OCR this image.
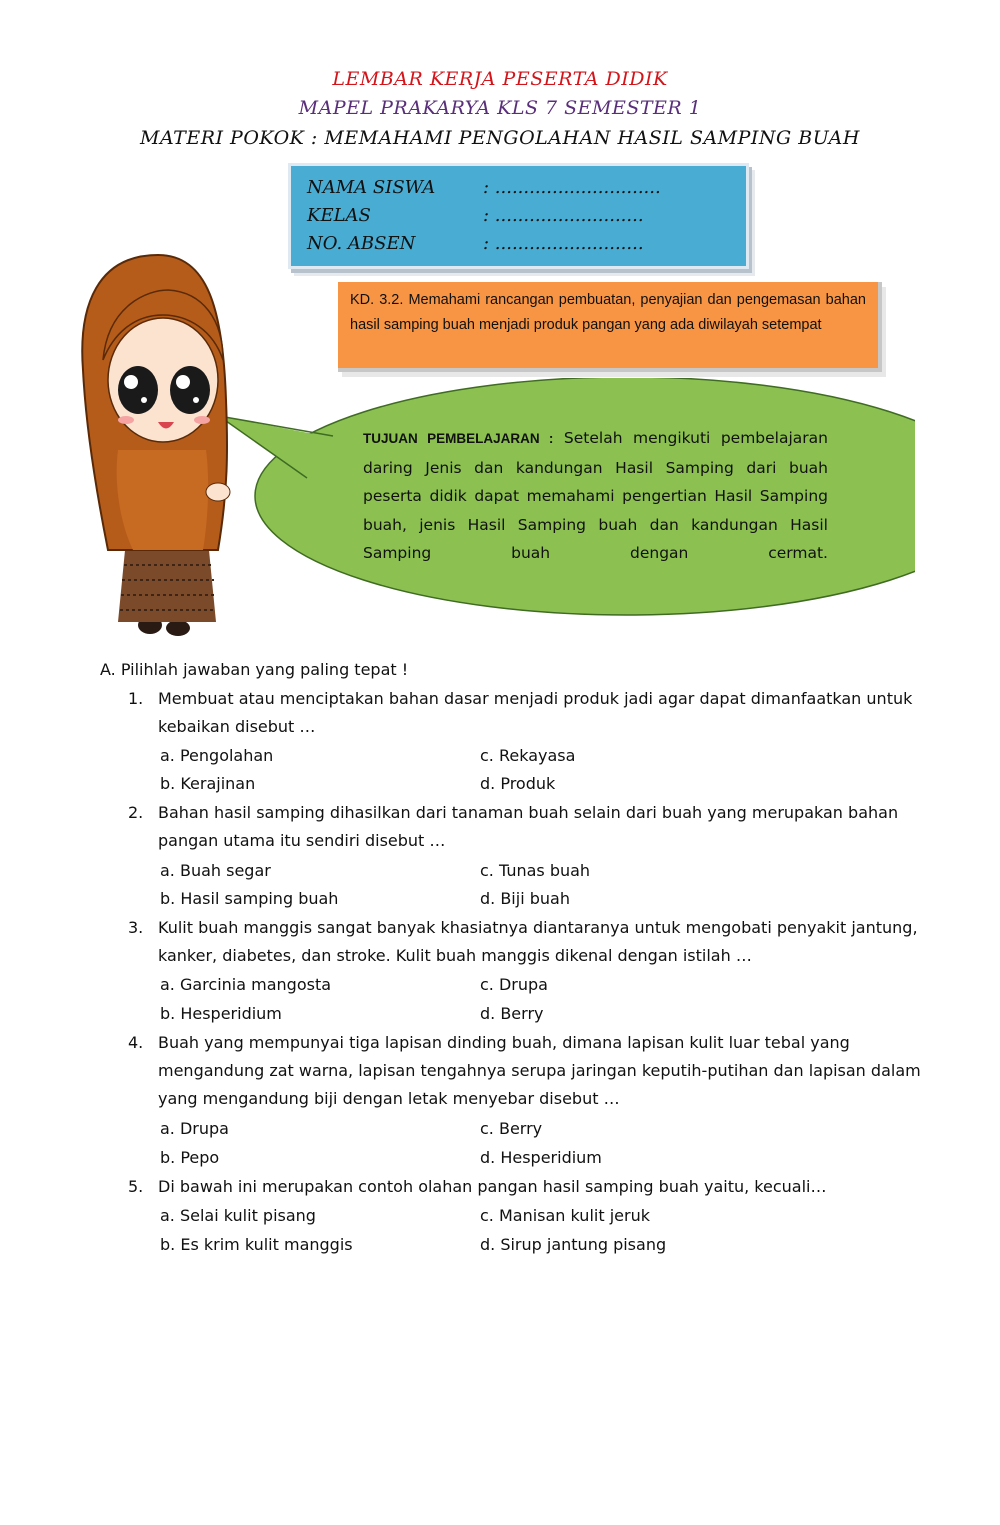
LEMBAR KERJA PESERTA DIDIK
MAPEL PRAKARYA KLS 7 SEMESTER 1
MATERI POKOK : MEMAHAMI PENGOLAHAN HASIL SAMPING BUAH
NAMA SISWA	: .............................
KELAS	: ..........................
NO. ABSEN	: ..........................

KD. 3.2. Memahami rancangan pembuatan, penyajian dan pengemasan bahan hasil samping buah menjadi produk pangan yang ada diwilayah setempat

TUJUAN PEMBELAJARAN : Setelah mengikuti pembelajaran daring Jenis dan kandungan Hasil Samping dari buah peserta didik dapat memahami pengertian Hasil Samping buah, jenis Hasil Samping buah dan kandungan Hasil Samping buah dengan cermat.
A. Pilihlah jawaban yang paling tepat !
1. Membuat atau menciptakan bahan dasar menjadi produk jadi agar dapat dimanfaatkan untuk kebaikan disebut …
a. Pengolahan	c. Rekayasa
b. Kerajinan	d. Produk
2. Bahan hasil samping dihasilkan dari tanaman buah selain dari buah yang merupakan bahan pangan utama itu sendiri disebut …
a. Buah segar	c. Tunas buah
b. Hasil samping buah	d. Biji buah
3. Kulit buah manggis sangat banyak khasiatnya diantaranya untuk mengobati penyakit jantung, kanker, diabetes, dan stroke. Kulit buah manggis dikenal dengan istilah …
a. Garcinia mangosta	c. Drupa
b. Hesperidium	d. Berry
4. Buah yang mempunyai tiga lapisan dinding buah, dimana lapisan kulit luar tebal yang mengandung zat warna, lapisan tengahnya serupa jaringan keputih-putihan dan lapisan dalam yang mengandung biji dengan letak menyebar disebut …
a. Drupa	c. Berry
b. Pepo	d. Hesperidium
5. Di bawah ini merupakan contoh olahan pangan hasil samping buah yaitu, kecuali…
a. Selai kulit pisang	c. Manisan kulit jeruk
b. Es krim kulit manggis	d. Sirup jantung pisang
